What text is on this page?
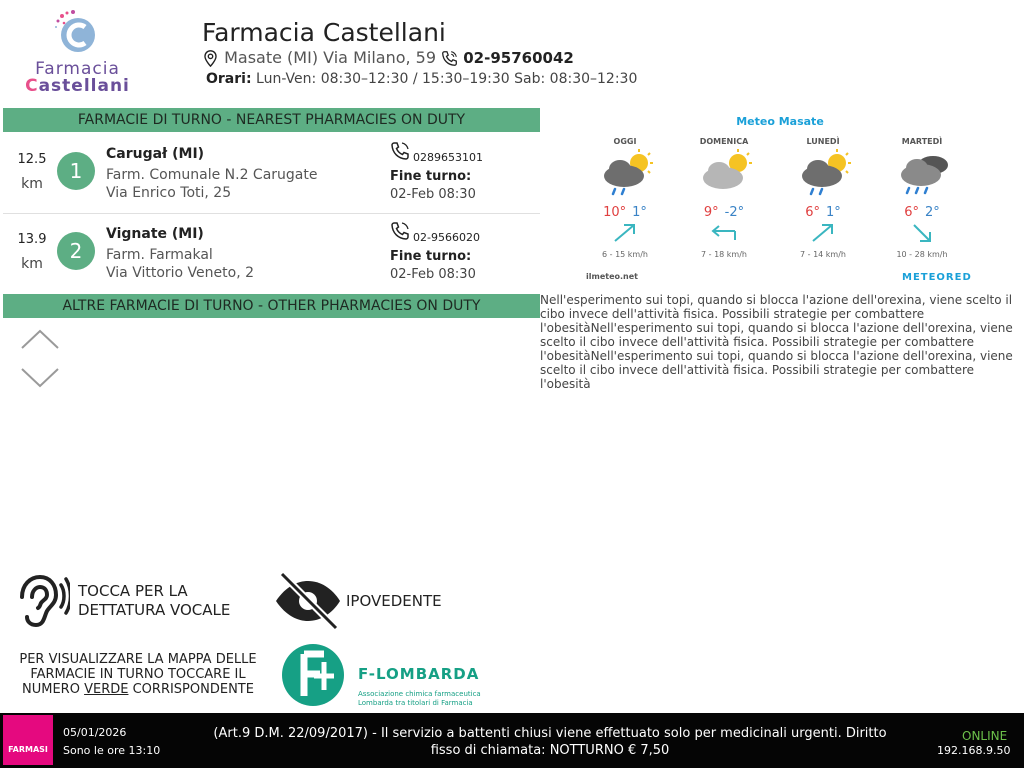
Farmacia
Castellani
Farmacia Castellani
Masate (MI) Via Milano, 59 02-95760042
Orari: Lun-Ven: 08:30–12:30 / 15:30–19:30 Sab: 08:30–12:30
FARMACIE DI TURNO - NEAREST PHARMACIES ON DUTY
12.5
km
1
Carugał (MI)
Farm. Comunale N.2 Carugate
Via Enrico Toti, 25
0289653101
Fine turno:
02-Feb 08:30
13.9
km
2
Vignate (MI)
Farm. Farmakal
Via Vittorio Veneto, 2
02-9566020
Fine turno:
02-Feb 08:30
ALTRE FARMACIE DI TURNO - OTHER PHARMACIES ON DUTY
Meteo Masate
OGGI
10° 1°
6 - 15 km/h
DOMENICA
9° -2°
7 - 18 km/h
LUNEDÌ
6° 1°
7 - 14 km/h
MARTEDÌ
6° 2°
10 - 28 km/h
ilmeteo.net	METEORED
Nell'esperimento sui topi, quando si blocca l'azione dell'orexina, viene scelto il cibo invece dell'attività fisica. Possibili strategie per combattere l'obesitàNell'esperimento sui topi, quando si blocca l'azione dell'orexina, viene scelto il cibo invece dell'attività fisica. Possibili strategie per combattere l'obesitàNell'esperimento sui topi, quando si blocca l'azione dell'orexina, viene scelto il cibo invece dell'attività fisica. Possibili strategie per combattere l'obesità
TOCCA PER LA
DETTATURA VOCALE	IPOVEDENTE
PER VISUALIZZARE LA MAPPA DELLE
FARMACIE IN TURNO TOCCARE IL
NUMERO VERDE CORRISPONDENTE
F-LOMBARDA
Associazione chimica farmaceutica
Lombarda tra titolari di Farmacia
FARMASI
05/01/2026
Sono le ore 13:10
(Art.9 D.M. 22/09/2017) - Il servizio a battenti chiusi viene effettuato solo per medicinali urgenti. Diritto
fisso di chiamata: NOTTURNO € 7,50
ONLINE
192.168.9.50
